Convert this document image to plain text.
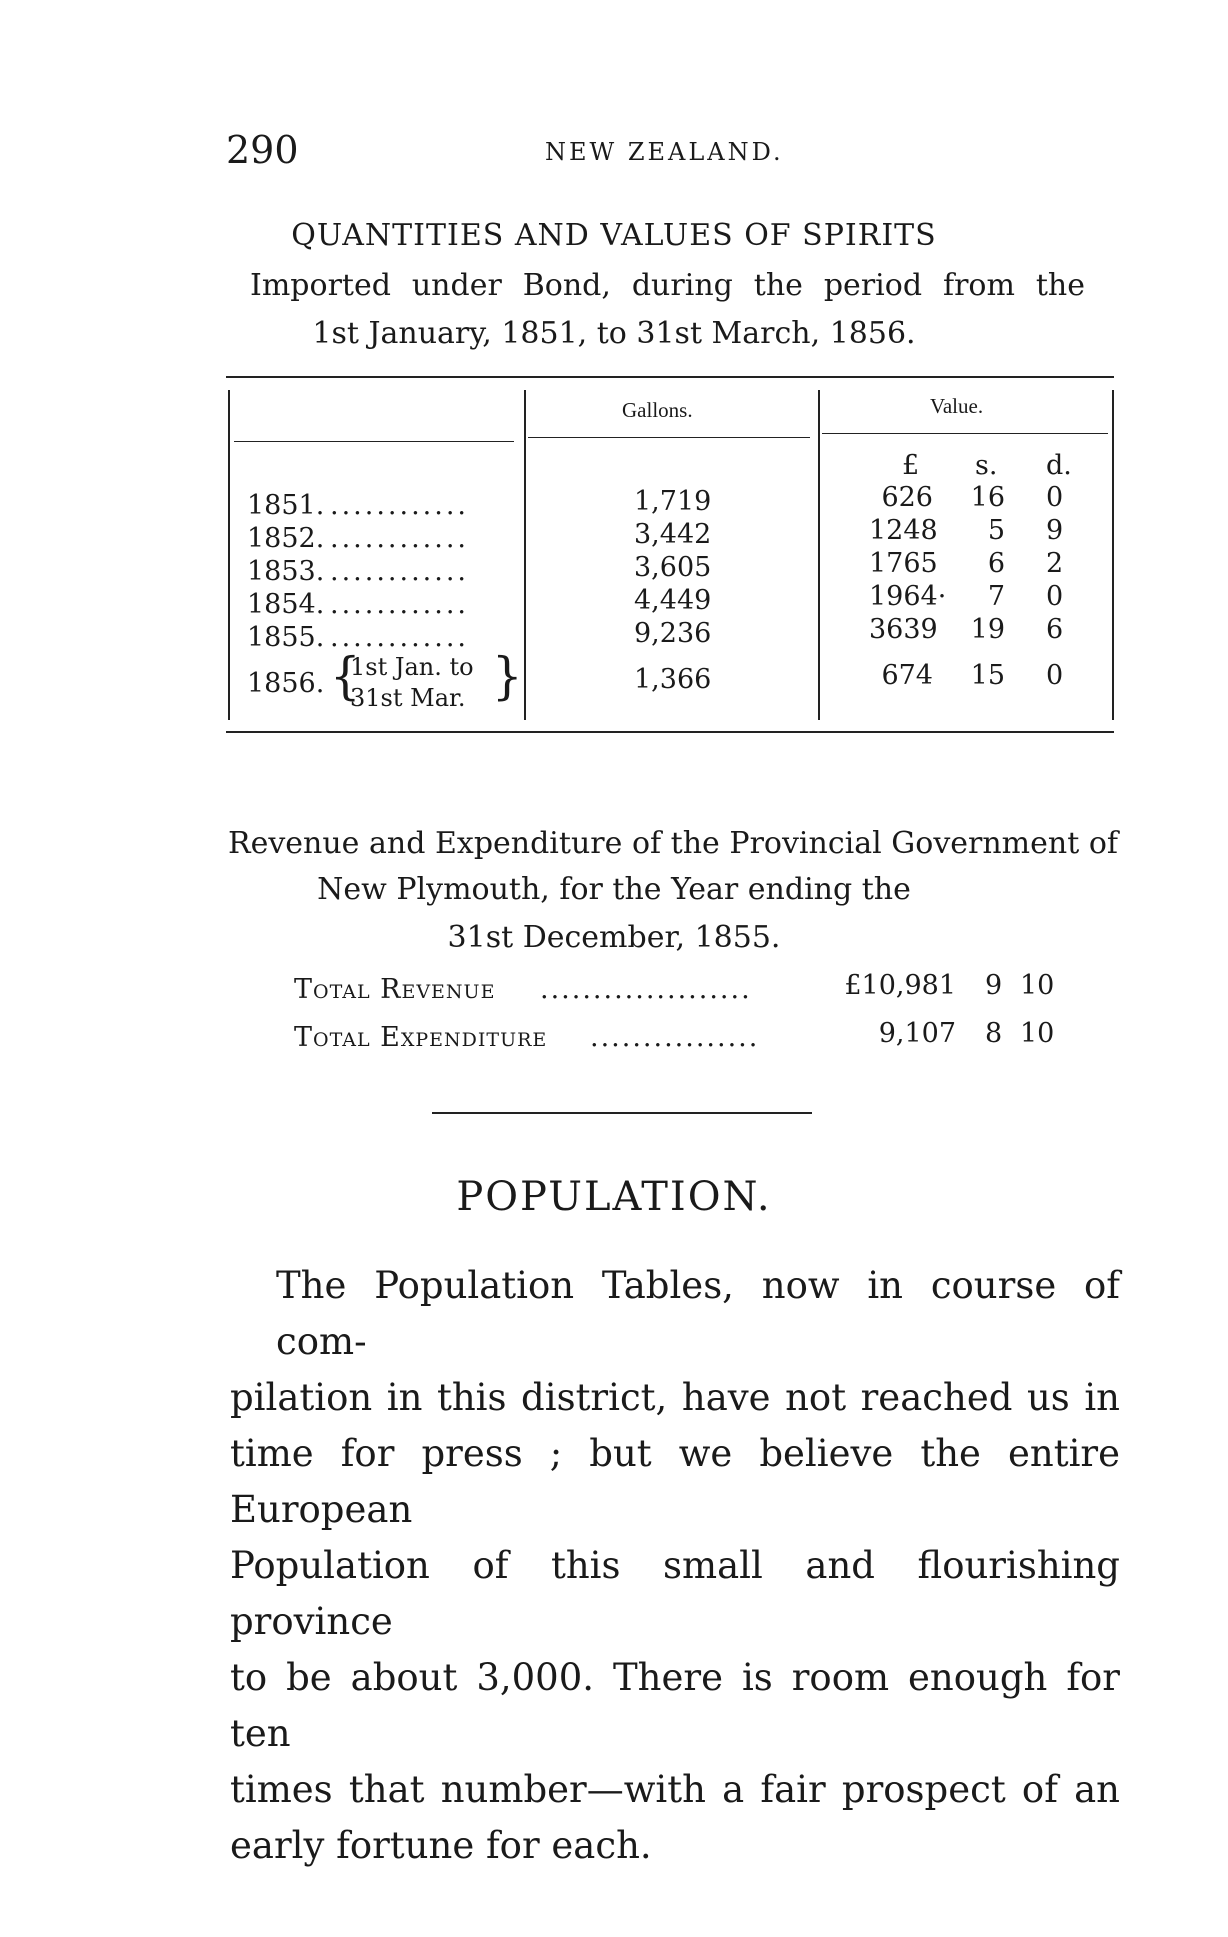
290	NEW ZEALAND.
QUANTITIES AND VALUES OF SPIRITS
Imported under Bond, during the period from the
1st January, 1851, to 31st March, 1856.
Gallons.	Value.
£ s. d.
1851. ............	1,719	626	16 0
1852. ............	3,442	1248	5 9
1853. ............	3,605	1765	6 2
1854. ............	4,449	1964·	7 0
1855. ............	9,236	3639	19 6
1856. {
1st Jan. to
31st Mar. }	1,366	674	15 0
Revenue and Expenditure of the Provincial Government of
New Plymouth, for the Year ending the
31st December, 1855.
Total Revenue ....................	£10,981 9 10
Total Expenditure ................	9,107 8 10
POPULATION.
The Population Tables, now in course of com-
pilation in this district, have not reached us in
time for press ; but we believe the entire European
Population of this small and flourishing province
to be about 3,000. There is room enough for ten
times that number—with a fair prospect of an
early fortune for each.
